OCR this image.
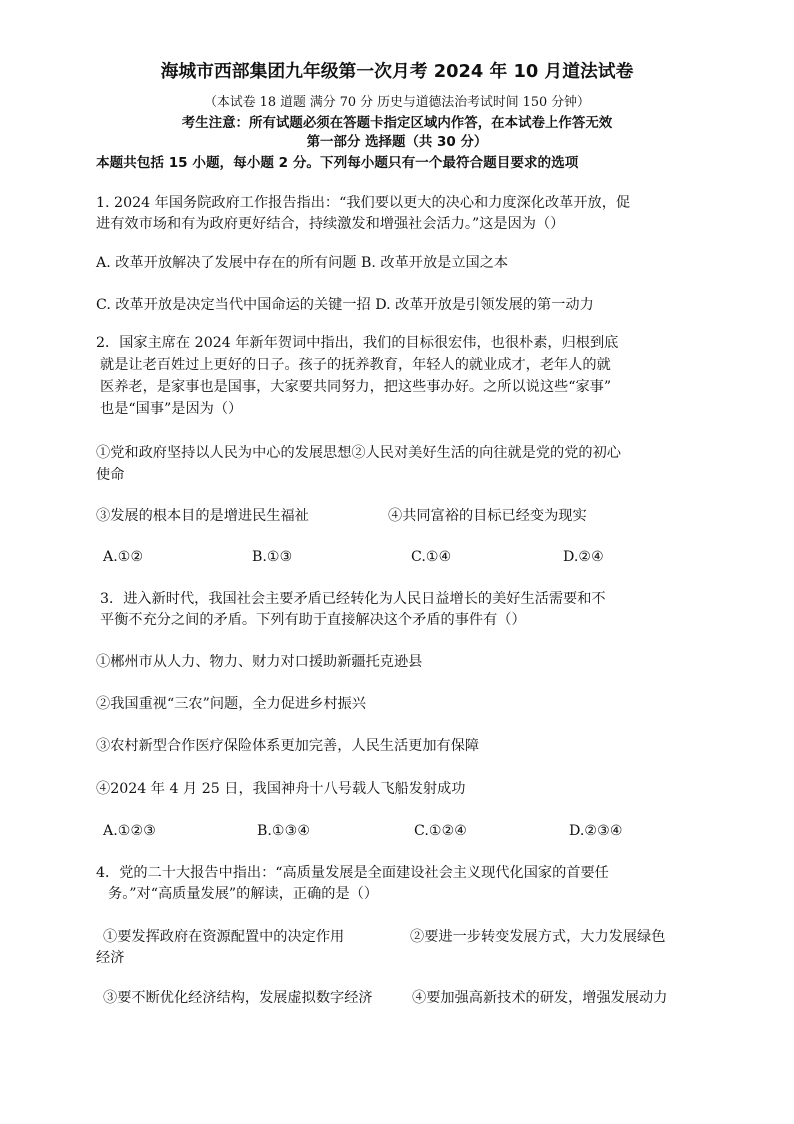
海城市西部集团九年级第一次月考 2024 年 10 月道法试卷
（本试卷 18 道题 满分 70 分 历史与道德法治考试时间 150 分钟）
考生注意：所有试题必须在答题卡指定区域内作答，在本试卷上作答无效
第一部分 选择题（共 30 分）
本题共包括 15 小题，每小题 2 分。下列每小题只有一个最符合题目要求的选项
1. 2024 年国务院政府工作报告指出：“我们要以更大的决心和力度深化改革开放，促
进有效市场和有为政府更好结合，持续激发和增强社会活力。”这是因为（）
A. 改革开放解决了发展中存在的所有问题 B. 改革开放是立国之本
C. 改革开放是决定当代中国命运的关键一招 D. 改革开放是引领发展的第一动力
2．国家主席在 2024 年新年贺词中指出，我们的目标很宏伟，也很朴素，归根到底
就是让老百姓过上更好的日子。孩子的抚养教育，年轻人的就业成才，老年人的就
医养老，是家事也是国事，大家要共同努力，把这些事办好。之所以说这些“家事”
也是“国事”是因为（）
①党和政府坚持以人民为中心的发展思想②人民对美好生活的向往就是党的党的初心
使命
③发展的根本目的是增进民生福祉	④共同富裕的目标已经变为现实
A.①②	B.①③	C.①④	D.②④
3．进入新时代，我国社会主要矛盾已经转化为人民日益增长的美好生活需要和不
平衡不充分之间的矛盾。下列有助于直接解决这个矛盾的事件有（）
①郴州市从人力、物力、财力对口援助新疆托克逊县
②我国重视“三农”问题，全力促进乡村振兴
③农村新型合作医疗保险体系更加完善，人民生活更加有保障
④2024 年 4 月 25 日，我国神舟十八号载人飞船发射成功
A.①②③	B.①③④	C.①②④	D.②③④
4．党的二十大报告中指出：“高质量发展是全面建设社会主义现代化国家的首要任
务。”对“高质量发展”的解读，正确的是（）
①要发挥政府在资源配置中的决定作用	②要进一步转变发展方式，大力发展绿色
经济
③要不断优化经济结构，发展虚拟数字经济	④要加强高新技术的研发，增强发展动力
